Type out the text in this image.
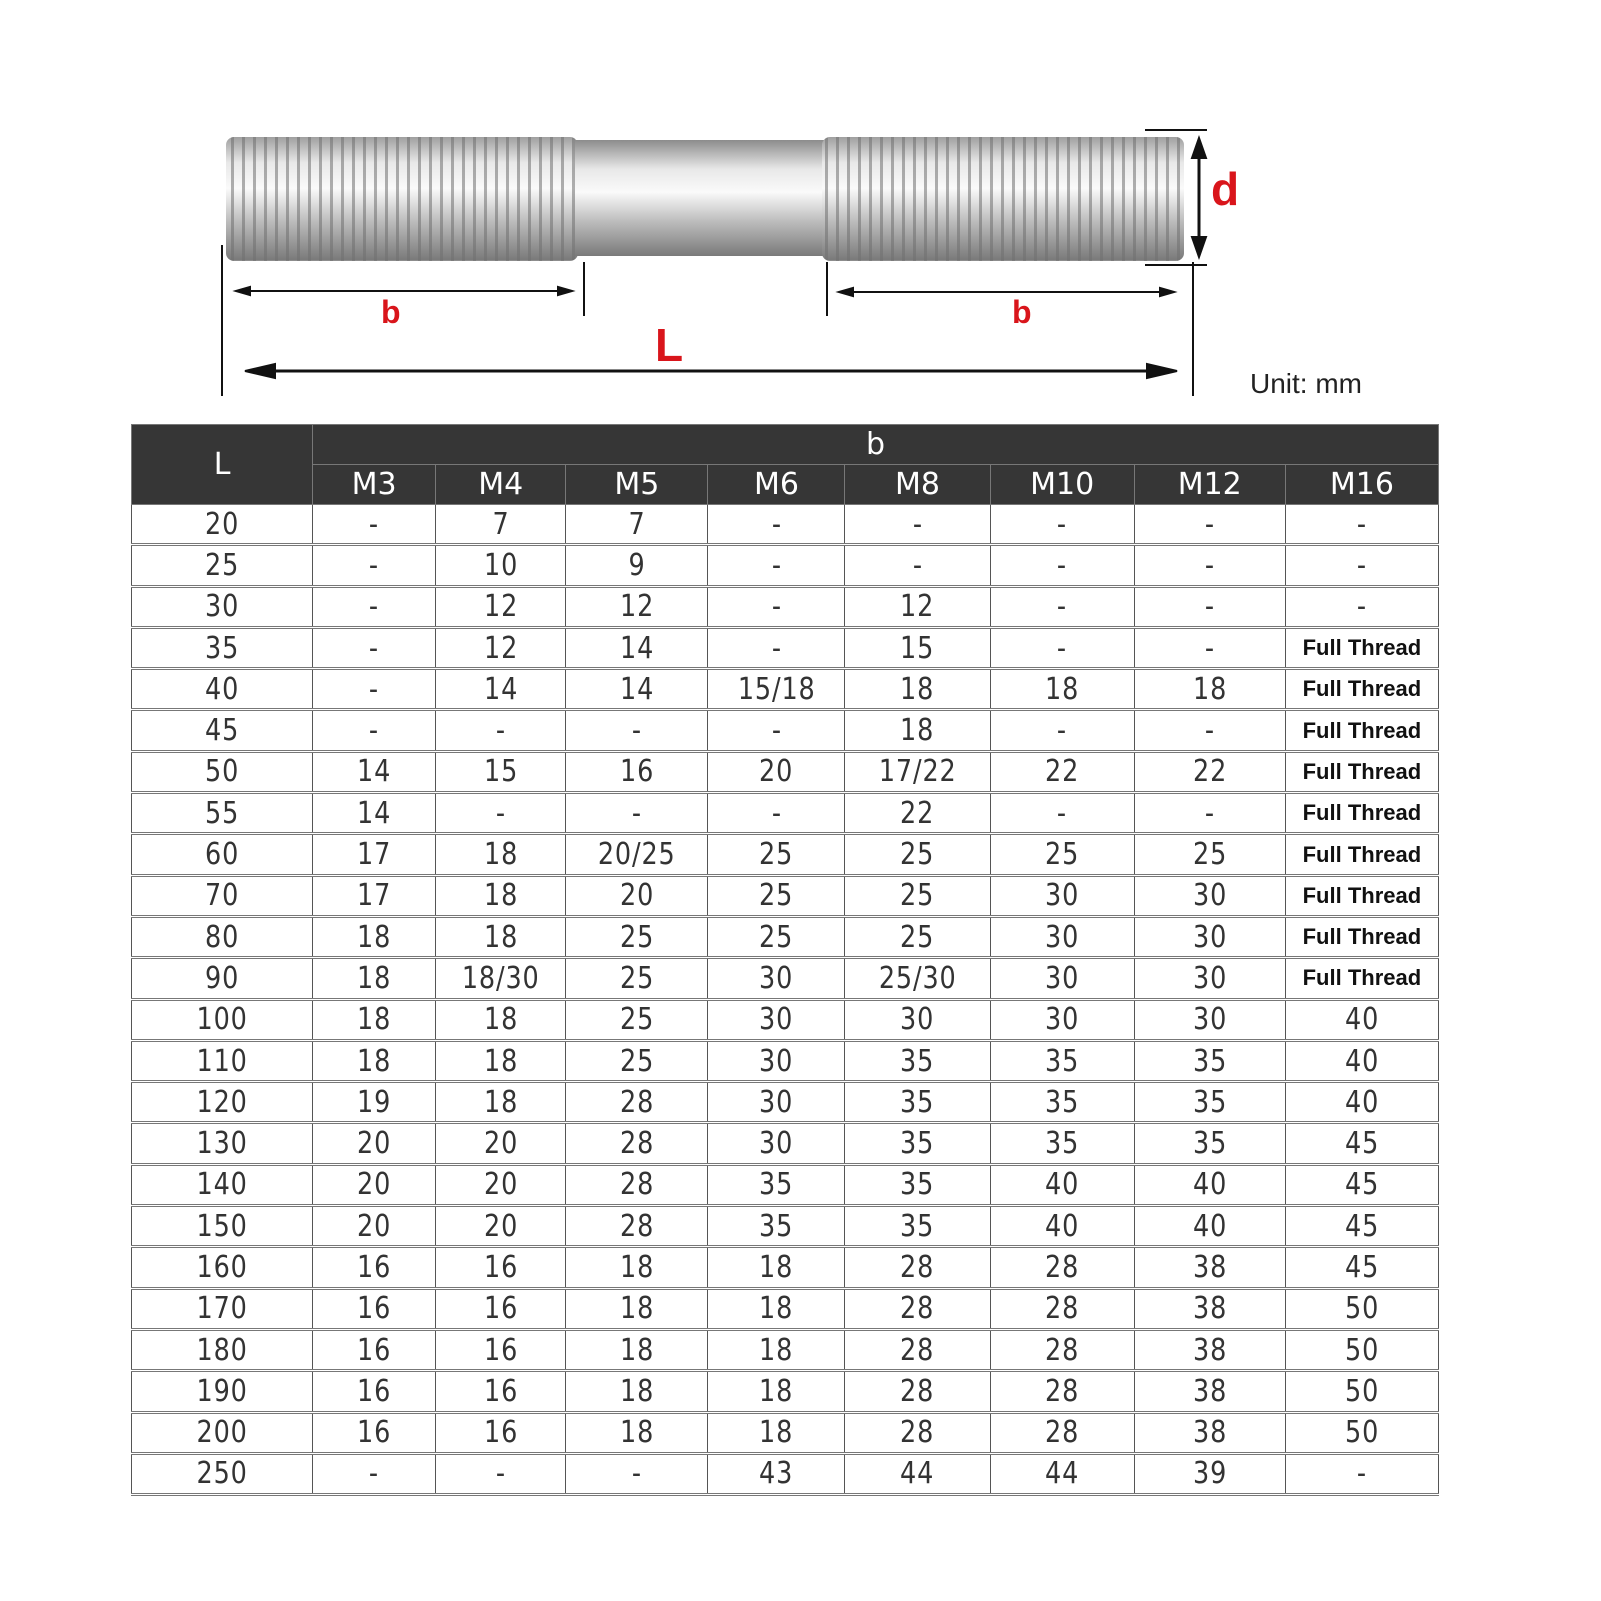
b	b
L
d
Unit: mm
L	b							
	M3	M4	M5	M6	M8	M10	M12	M16
20	-	7	7	-	-	-	-	-
25	-	10	9	-	-	-	-	-
30	-	12	12	-	12	-	-	-
35	-	12	14	-	15	-	-	Full Thread
40	-	14	14	15/18	18	18	18	Full Thread
45	-	-	-	-	18	-	-	Full Thread
50	14	15	16	20	17/22	22	22	Full Thread
55	14	-	-	-	22	-	-	Full Thread
60	17	18	20/25	25	25	25	25	Full Thread
70	17	18	20	25	25	30	30	Full Thread
80	18	18	25	25	25	30	30	Full Thread
90	18	18/30	25	30	25/30	30	30	Full Thread
100	18	18	25	30	30	30	30	40
110	18	18	25	30	35	35	35	40
120	19	18	28	30	35	35	35	40
130	20	20	28	30	35	35	35	45
140	20	20	28	35	35	40	40	45
150	20	20	28	35	35	40	40	45
160	16	16	18	18	28	28	38	45
170	16	16	18	18	28	28	38	50
180	16	16	18	18	28	28	38	50
190	16	16	18	18	28	28	38	50
200	16	16	18	18	28	28	38	50
250	-	-	-	43	44	44	39	-
